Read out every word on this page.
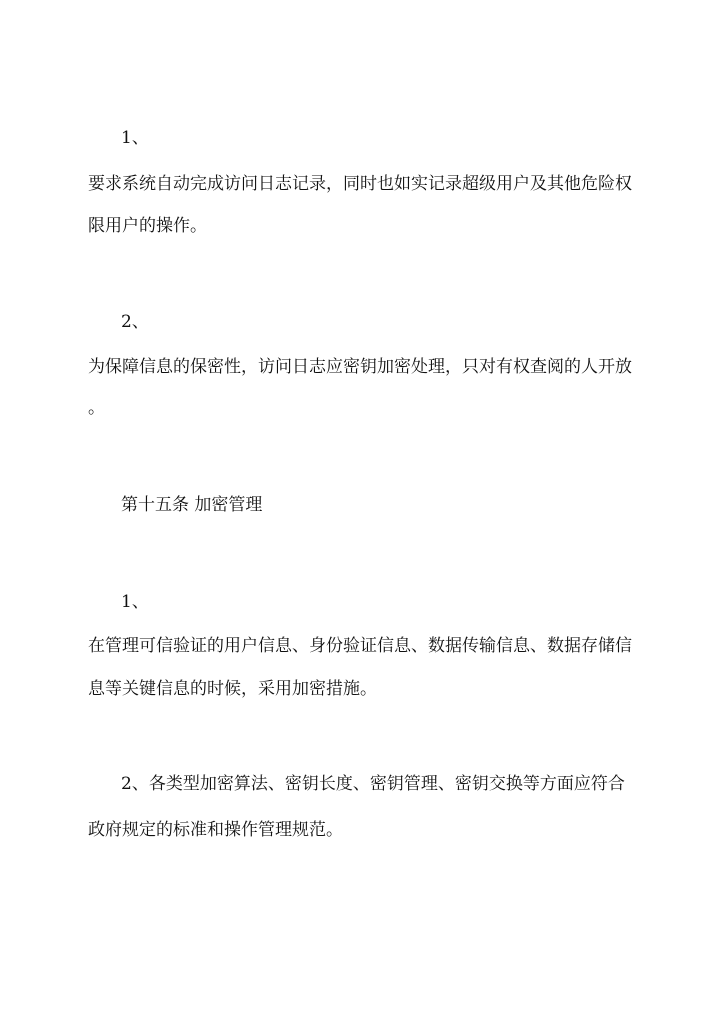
1、
要求系统自动完成访问日志记录，同时也如实记录超级用户及其他危险权
限用户的操作。
2、
为保障信息的保密性，访问日志应密钥加密处理，只对有权查阅的人开放
。
第十五条 加密管理
1、
在管理可信验证的用户信息、身份验证信息、数据传输信息、数据存储信
息等关键信息的时候，采用加密措施。
2、各类型加密算法、密钥长度、密钥管理、密钥交换等方面应符合
政府规定的标准和操作管理规范。
